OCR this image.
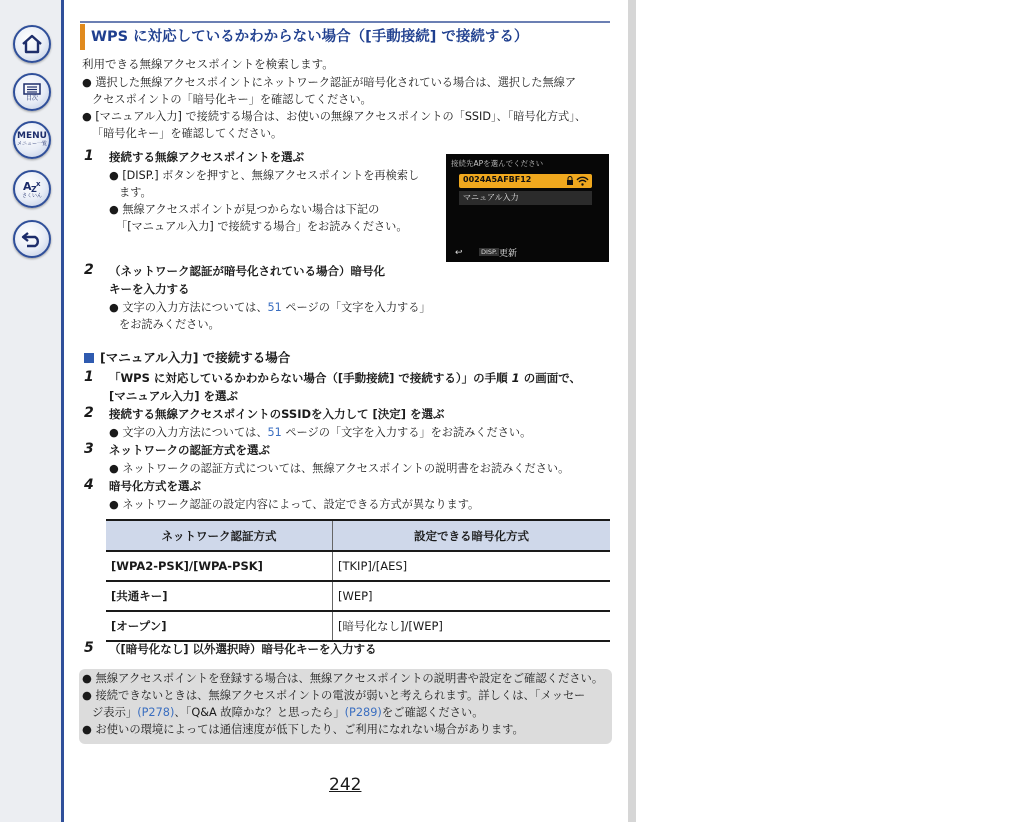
目次
MENU
メニュー一覧
A Z
x
さくいん
WPS に対応しているかわからない場合（[手動接続] で接続する）
利用できる無線アクセスポイントを検索します。
● 選択した無線アクセスポイントにネットワーク認証が暗号化されている場合は、選択した無線ア
クセスポイントの「暗号化キー」を確認してください。
● [マニュアル入力] で接続する場合は、お使いの無線アクセスポイントの「SSID」、「暗号化方式」、
「暗号化キー」を確認してください。
1 接続する無線アクセスポイントを選ぶ
● [DISP.] ボタンを押すと、無線アクセスポイントを再検索し
ます。
● 無線アクセスポイントが見つからない場合は下記の
「[マニュアル入力] で接続する場合」をお読みください。
接続先APを選んでください
0024A5AFBF12
マニュアル入力
↩	DISP. 更新
2 （ネットワーク認証が暗号化されている場合）暗号化
キーを入力する
● 文字の入力方法については、51 ページの「文字を入力する」
をお読みください。
[マニュアル入力] で接続する場合
1 「WPS に対応しているかわからない場合（[手動接続] で接続する）」の手順 1 の画面で、
[マニュアル入力] を選ぶ
2 接続する無線アクセスポイントのSSIDを入力して [決定] を選ぶ
● 文字の入力方法については、51 ページの「文字を入力する」をお読みください。
3 ネットワークの認証方式を選ぶ
● ネットワークの認証方式については、無線アクセスポイントの説明書をお読みください。
4 暗号化方式を選ぶ
● ネットワーク認証の設定内容によって、設定できる方式が異なります。
ネットワーク認証方式	設定できる暗号化方式
[WPA2-PSK]/[WPA-PSK]	[TKIP]/[AES]
[共通キー]	[WEP]
[オープン]	[暗号化なし]/[WEP]
5 （[暗号化なし] 以外選択時）暗号化キーを入力する
● 無線アクセスポイントを登録する場合は、無線アクセスポイントの説明書や設定をご確認ください。
● 接続できないときは、無線アクセスポイントの電波が弱いと考えられます。詳しくは、「メッセー
ジ表示」(P278)、「Q&A 故障かな？と思ったら」(P289)をご確認ください。
● お使いの環境によっては通信速度が低下したり、ご利用になれない場合があります。
242
